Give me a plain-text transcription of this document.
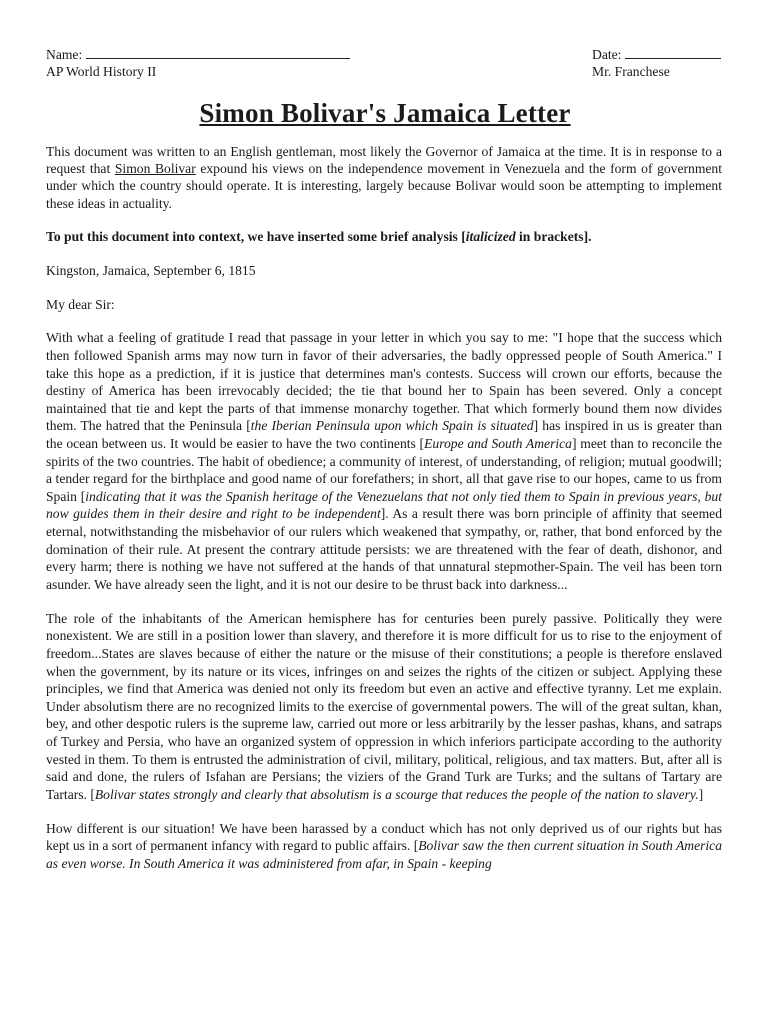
Name:	Date:
AP World History II	Mr. Franchese
Simon Bolivar's Jamaica Letter

This document was written to an English gentleman, most likely the Governor of Jamaica at the time. It is in response to a request that Simon Bolivar expound his views on the independence movement in Venezuela and the form of government under which the country should operate. It is interesting, largely because Bolivar would soon be attempting to implement these ideas in actuality.

To put this document into context, we have inserted some brief analysis [italicized in brackets].

Kingston, Jamaica, September 6, 1815

My dear Sir:

With what a feeling of gratitude I read that passage in your letter in which you say to me: "I hope that the success which then followed Spanish arms may now turn in favor of their adversaries, the badly oppressed people of South America." I take this hope as a prediction, if it is justice that determines man's contests. Success will crown our efforts, because the destiny of America has been irrevocably decided; the tie that bound her to Spain has been severed. Only a concept maintained that tie and kept the parts of that immense monarchy together. That which formerly bound them now divides them. The hatred that the Peninsula [the Iberian Peninsula upon which Spain is situated] has inspired in us is greater than the ocean between us. It would be easier to have the two continents [Europe and South America] meet than to reconcile the spirits of the two countries. The habit of obedience; a community of interest, of understanding, of religion; mutual goodwill; a tender regard for the birthplace and good name of our forefathers; in short, all that gave rise to our hopes, came to us from Spain [indicating that it was the Spanish heritage of the Venezuelans that not only tied them to Spain in previous years, but now guides them in their desire and right to be independent]. As a result there was born principle of affinity that seemed eternal, notwithstanding the misbehavior of our rulers which weakened that sympathy, or, rather, that bond enforced by the domination of their rule. At present the contrary attitude persists: we are threatened with the fear of death, dishonor, and every harm; there is nothing we have not suffered at the hands of that unnatural stepmother-Spain. The veil has been torn asunder. We have already seen the light, and it is not our desire to be thrust back into darkness...

The role of the inhabitants of the American hemisphere has for centuries been purely passive. Politically they were nonexistent. We are still in a position lower than slavery, and therefore it is more difficult for us to rise to the enjoyment of freedom...States are slaves because of either the nature or the misuse of their constitutions; a people is therefore enslaved when the government, by its nature or its vices, infringes on and seizes the rights of the citizen or subject. Applying these principles, we find that America was denied not only its freedom but even an active and effective tyranny. Let me explain. Under absolutism there are no recognized limits to the exercise of governmental powers. The will of the great sultan, khan, bey, and other despotic rulers is the supreme law, carried out more or less arbitrarily by the lesser pashas, khans, and satraps of Turkey and Persia, who have an organized system of oppression in which inferiors participate according to the authority vested in them. To them is entrusted the administration of civil, military, political, religious, and tax matters. But, after all is said and done, the rulers of Isfahan are Persians; the viziers of the Grand Turk are Turks; and the sultans of Tartary are Tartars. [Bolivar states strongly and clearly that absolutism is a scourge that reduces the people of the nation to slavery.]

How different is our situation! We have been harassed by a conduct which has not only deprived us of our rights but has kept us in a sort of permanent infancy with regard to public affairs. [Bolivar saw the then current situation in South America as even worse. In South America it was administered from afar, in Spain - keeping
